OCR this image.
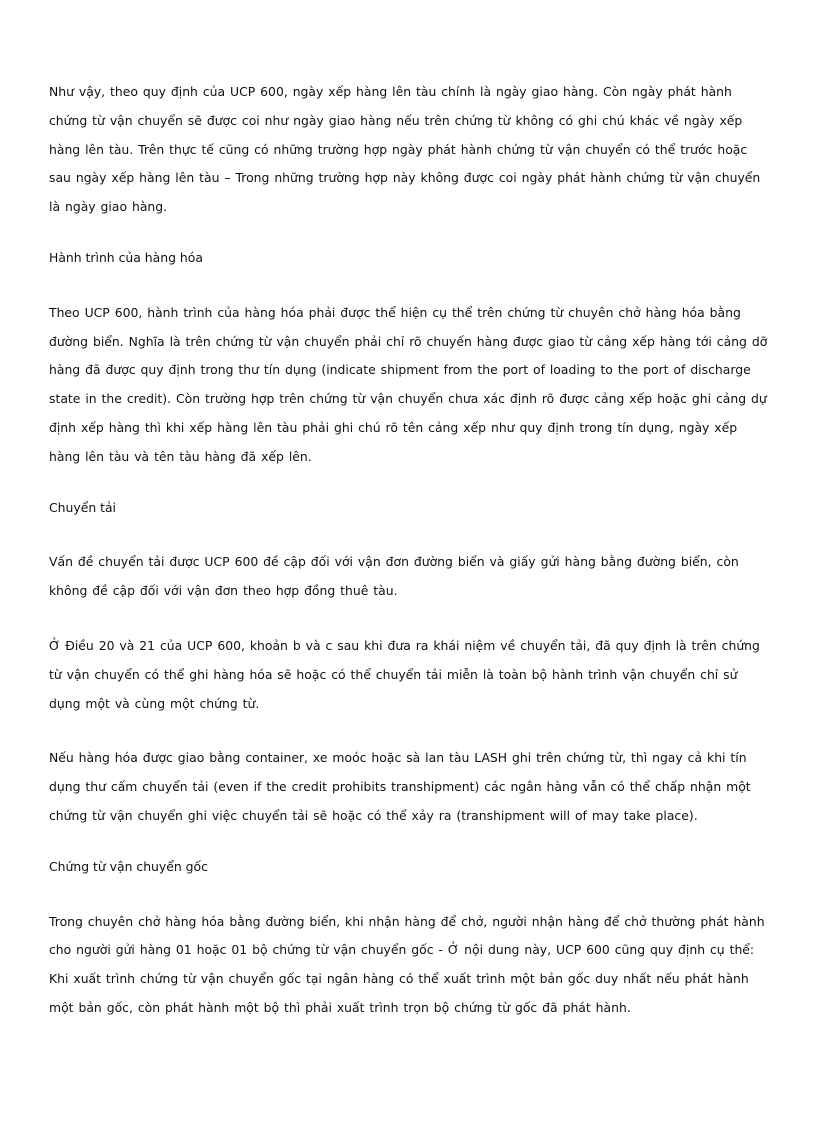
Như vậy, theo quy định của UCP 600, ngày xếp hàng lên tàu chính là ngày giao hàng. Còn ngày phát hành chứng từ vận chuyển sẽ được coi như ngày giao hàng nếu trên chứng từ không có ghi chú khác về ngày xếp hàng lên tàu. Trên thực tế cũng có những trường hợp ngày phát hành chứng từ vận chuyển có thể trước hoặc sau ngày xếp hàng lên tàu – Trong những trường hợp này không được coi ngày phát hành chứng từ vận chuyển là ngày giao hàng.

Hành trình của hàng hóa

Theo UCP 600, hành trình của hàng hóa phải được thể hiện cụ thể trên chứng từ chuyên chở hàng hóa bằng đường biển. Nghĩa là trên chứng từ vận chuyển phải chỉ rõ chuyến hàng được giao từ cảng xếp hàng tới cảng dỡ hàng đã được quy định trong thư tín dụng (indicate shipment from the port of loading to the port of discharge state in the credit). Còn trường hợp trên chứng từ vận chuyển chưa xác định rõ được cảng xếp hoặc ghi cảng dự định xếp hàng thì khi xếp hàng lên tàu phải ghi chú rõ tên cảng xếp như quy định trong tín dụng, ngày xếp hàng lên tàu và tên tàu hàng đã xếp lên.

Chuyển tải

Vấn đề chuyển tải được UCP 600 đề cập đối với vận đơn đường biển và giấy gửi hàng bằng đường biển, còn không đề cập đối với vận đơn theo hợp đồng thuê tàu.

Ở Điều 20 và 21 của UCP 600, khoản b và c sau khi đưa ra khái niệm về chuyển tải, đã quy định là trên chứng từ vận chuyển có thể ghi hàng hóa sẽ hoặc có thể chuyển tải miễn là toàn bộ hành trình vận chuyển chỉ sử dụng một và cùng một chứng từ.

Nếu hàng hóa được giao bằng container, xe moóc hoặc sà lan tàu LASH ghi trên chứng từ, thì ngay cả khi tín dụng thư cấm chuyển tải (even if the credit prohibits transhipment) các ngân hàng vẫn có thể chấp nhận một chứng từ vận chuyển ghi việc chuyển tải sẽ hoặc có thể xảy ra (transhipment will of may take place).

Chứng từ vận chuyển gốc

Trong chuyên chở hàng hóa bằng đường biển, khi nhận hàng để chở, người nhận hàng để chở thường phát hành cho người gửi hàng 01 hoặc 01 bộ chứng từ vận chuyển gốc - Ở nội dung này, UCP 600 cũng quy định cụ thể: Khi xuất trình chứng từ vận chuyển gốc tại ngân hàng có thể xuất trình một bản gốc duy nhất nếu phát hành một bản gốc, còn phát hành một bộ thì phải xuất trình trọn bộ chứng từ gốc đã phát hành.
